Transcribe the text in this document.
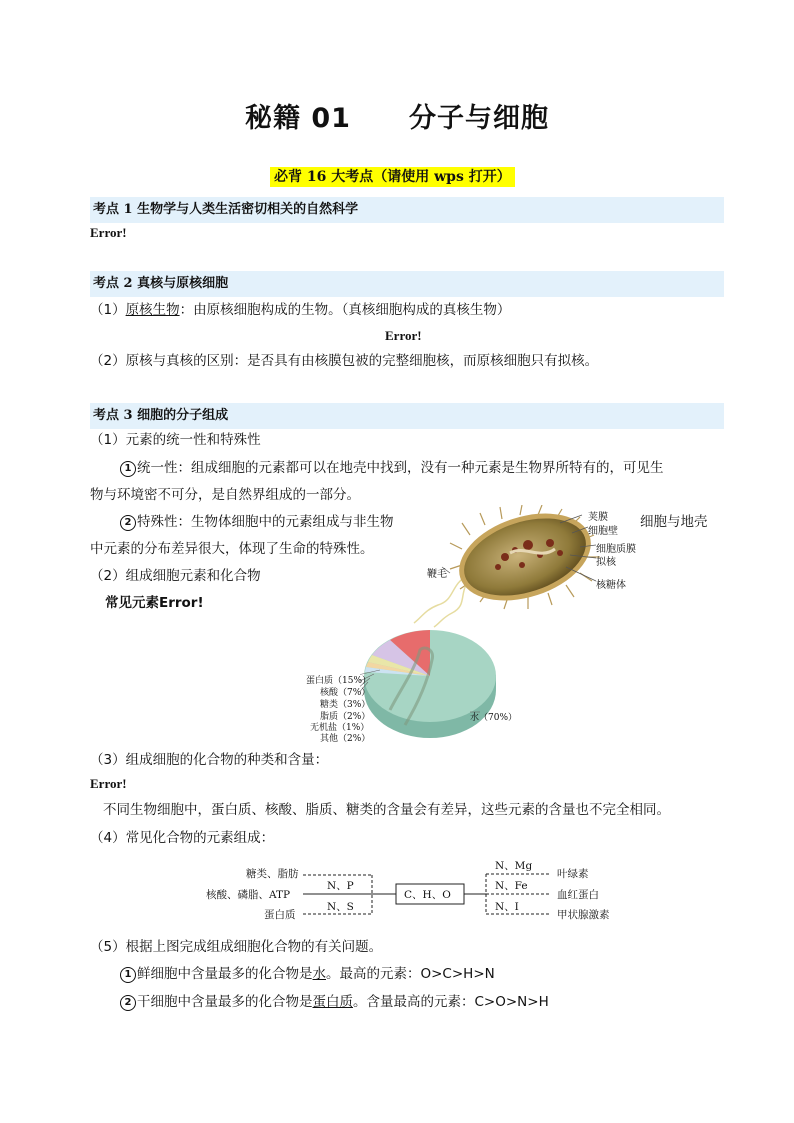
秘籍 01 分子与细胞
必背 16 大考点（请使用 wps 打开）
考点 1 生物学与人类生活密切相关的自然科学
Error!
考点 2 真核与原核细胞
（1）原核生物：由原核细胞构成的生物。（真核细胞构成的真核生物）
Error!
（2）原核与真核的区别：是否具有由核膜包被的完整细胞核，而原核细胞只有拟核。
考点 3 细胞的分子组成
（1）元素的统一性和特殊性
1 统一性：组成细胞的元素都可以在地壳中找到，没有一种元素是生物界所特有的，可见生
物与环境密不可分，是自然界组成的一部分。
2 特殊性：生物体细胞中的元素组成与非生物	细胞与地壳
中元素的分布差异很大，体现了生命的特殊性。
（2）组成细胞元素和化合物
常见元素Error!
荚膜
细胞壁
细胞质膜
拟核
核糖体
鞭毛
蛋白质（15%）
核酸（7%）
糖类（3%）
脂质（2%）
无机盐（1%）
其他（2%）
水（70%）
（3）组成细胞的化合物的种类和含量：
Error!
不同生物细胞中，蛋白质、核酸、脂质、糖类的含量会有差异，这些元素的含量也不完全相同。
（4）常见化合物的元素组成：
糖类、脂肪
核酸、磷脂、ATP
蛋白质
N、P
N、S
C、H、O
N、Mg
N、Fe
N、I
叶绿素
血红蛋白
甲状腺激素
（5）根据上图完成组成细胞化合物的有关问题。
1 鲜细胞中含量最多的化合物是水。最高的元素：O>C>H>N
2 干细胞中含量最多的化合物是蛋白质。含量最高的元素：C>O>N>H
